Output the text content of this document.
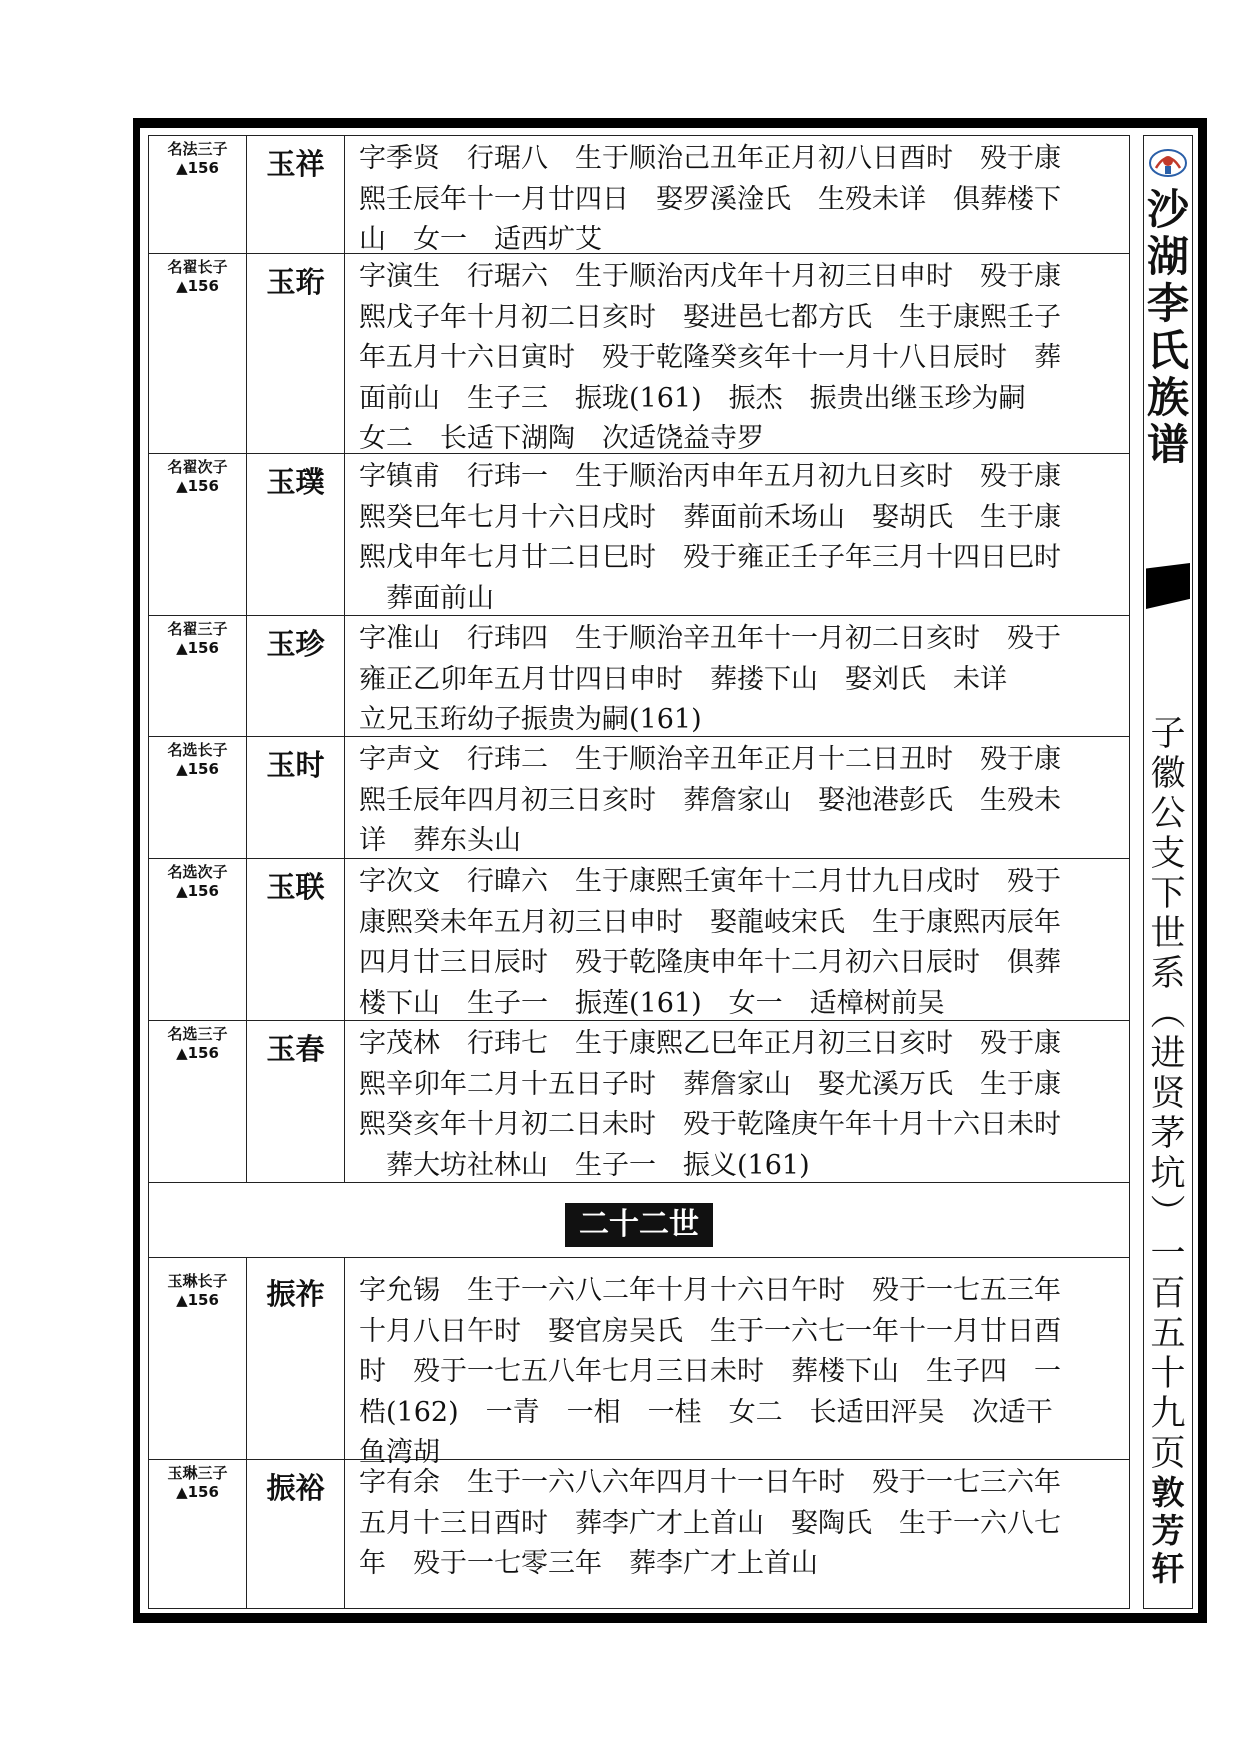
名法三子
▲156	玉祥	字季贤　行琚八　生于顺治己丑年正月初八日酉时　殁于康
熙壬辰年十一月廿四日　娶罗溪淦氏　生殁未详　俱葬楼下
山　女一　适西圹艾
名翟长子
▲156	玉珩	字演生　行琚六　生于顺治丙戊年十月初三日申时　殁于康
熙戊子年十月初二日亥时　娶进邑七都方氏　生于康熙壬子
年五月十六日寅时　殁于乾隆癸亥年十一月十八日辰时　葬
面前山　生子三　振珑(161)　振杰　振贵出继玉珍为嗣
女二　长适下湖陶　次适饶益寺罗
名翟次子
▲156	玉璞	字镇甫　行玮一　生于顺治丙申年五月初九日亥时　殁于康
熙癸巳年七月十六日戌时　葬面前禾场山　娶胡氏　生于康
熙戊申年七月廿二日巳时　殁于雍正壬子年三月十四日巳时
　葬面前山
名翟三子
▲156	玉珍	字准山　行玮四　生于顺治辛丑年十一月初二日亥时　殁于
雍正乙卯年五月廿四日申时　葬搂下山　娶刘氏　未详
立兄玉珩幼子振贵为嗣(161)
名选长子
▲156	玉时	字声文　行玮二　生于顺治辛丑年正月十二日丑时　殁于康
熙壬辰年四月初三日亥时　葬詹家山　娶池港彭氏　生殁未
详　葬东头山
名选次子
▲156	玉联	字次文　行暐六　生于康熙壬寅年十二月廿九日戌时　殁于
康熙癸未年五月初三日申时　娶龍岐宋氏　生于康熙丙辰年
四月廿三日辰时　殁于乾隆庚申年十二月初六日辰时　俱葬
楼下山　生子一　振莲(161)　女一　适樟树前吴
名选三子
▲156	玉春	字茂林　行玮七　生于康熙乙巳年正月初三日亥时　殁于康
熙辛卯年二月十五日子时　葬詹家山　娶尤溪万氏　生于康
熙癸亥年十月初二日未时　殁于乾隆庚午年十月十六日未时
　葬大坊社林山　生子一　振义(161)
二十二世
玉琳长子
▲156	振祚	字允锡　生于一六八二年十月十六日午时　殁于一七五三年
十月八日午时　娶官房吴氏　生于一六七一年十一月廿日酉
时　殁于一七五八年七月三日未时　葬楼下山　生子四　一
梏(162)　一青　一相　一桂　女二　长适田泙吴　次适干
鱼湾胡
玉琳三子
▲156	振裕	字有余　生于一六八六年四月十一日午时　殁于一七三六年
五月十三日酉时　葬李广才上首山　娶陶氏　生于一六八七
年　殁于一七零三年　葬李广才上首山
沙
湖
李
氏
族
谱
子
徽
公
支
下
世
系
︵
进
贤
茅
坑
︶
一
百
五
十
九
页
敦
芳
轩
